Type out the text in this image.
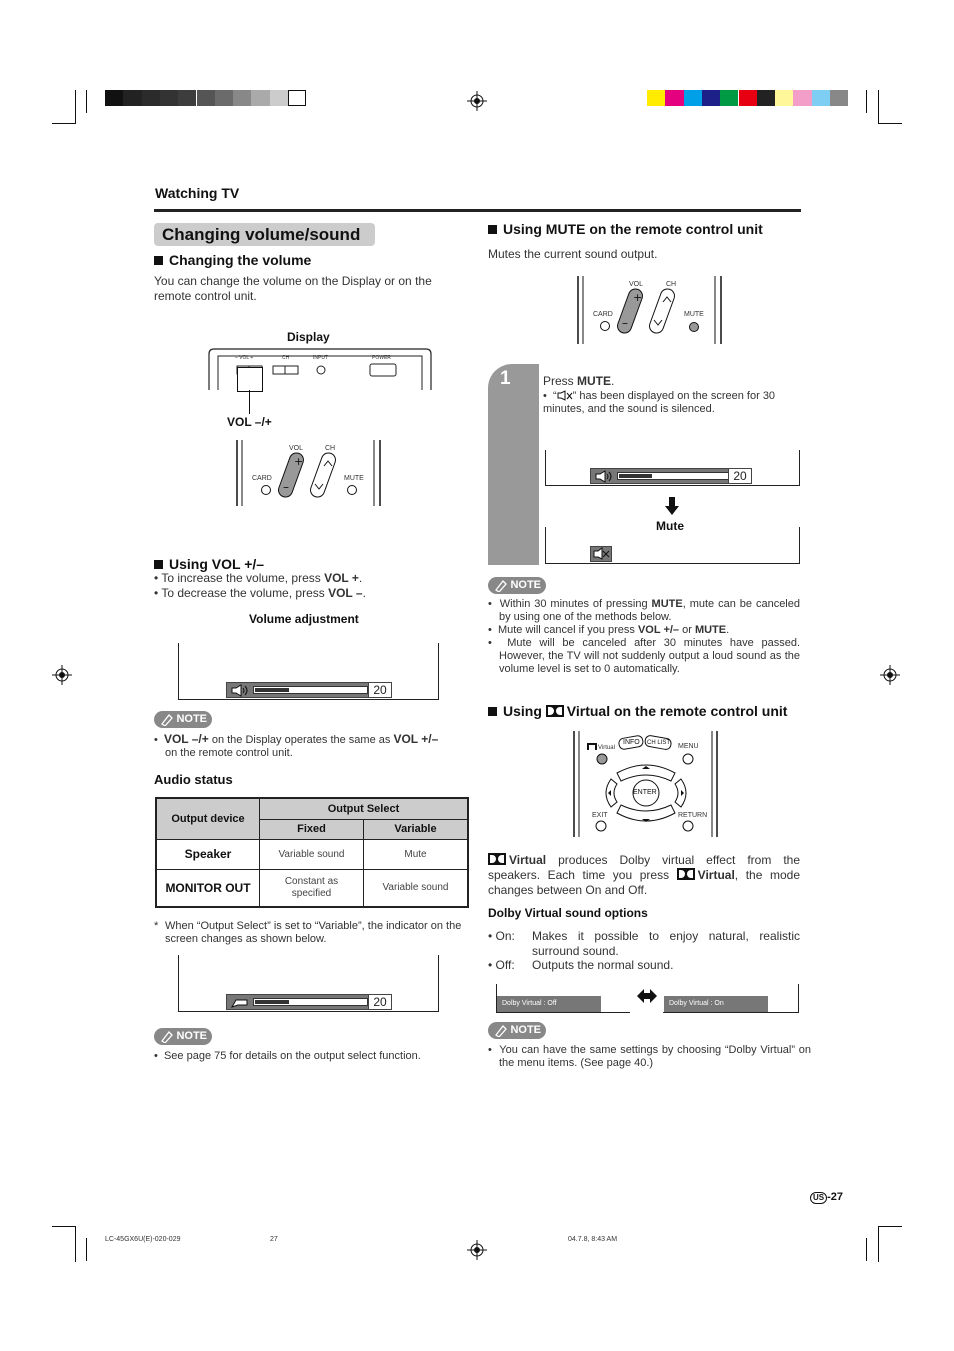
Watching TV
Changing volume/sound
Changing the volume
You can change the volume on the Display or on the remote control unit.
Display
– VOL +	CH	INPUT	POWER
VOL –/+
+
–
VOL	CH
CARD	MUTE
Using VOL +/–
• To increase the volume, press VOL +.
• To decrease the volume, press VOL –.
Volume adjustment
20
NOTE
•  VOL –/+ on the Display operates the same as VOL +/–
on the remote control unit.
Audio status
Output device	Output Select	
	Fixed	Variable
Speaker	Variable sound	Mute
MONITOR OUT	Constant as specified	Variable sound
* When “Output Select” is set to “Variable”, the indicator on the screen changes as shown below.
20
NOTE
•  See page 75 for details on the output select function.
Using MUTE on the remote control unit
Mutes the current sound output.
+
–
VOL	CH
CARD	MUTE
1	Press MUTE.
•  “ ” has been displayed on the screen for 30 minutes, and the sound is silenced.
20
Mute
NOTE
•  Within 30 minutes of pressing MUTE, mute can be canceled by using one of the methods below.
•  Mute will cancel if you press VOL +/– or MUTE.
•  Mute will be canceled after 30 minutes have passed. However, the TV will not suddenly output a loud sound as the volume level is set to 0 automatically.
Using Virtual on the remote control unit
Virtual
INFO CH LIST MENU
ENTER
EXIT	RETURN
Virtual produces Dolby virtual effect from the speakers. Each time you press Virtual, the mode changes between On and Off.
Dolby Virtual sound options
• On: Makes it possible to enjoy natural, realistic surround sound.
• Off: Outputs the normal sound.
Dolby Virtual : Off	Dolby Virtual : On
NOTE
•  You can have the same settings by choosing “Dolby Virtual” on the menu items. (See page 40.)
US -27
LC-45GX6U(E)-020-029	27	04.7.8, 8:43 AM
